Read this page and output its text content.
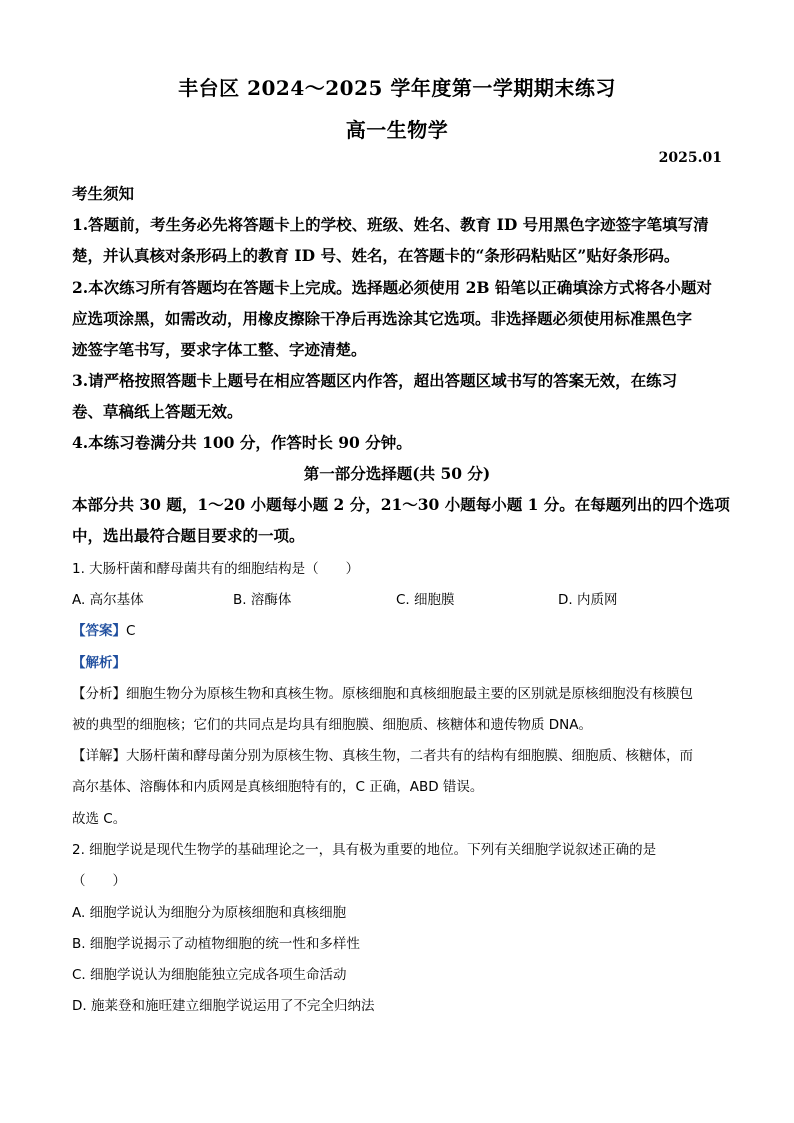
丰台区 2024～2025 学年度第一学期期末练习
高一生物学
2025.01
考生须知
1.答题前，考生务必先将答题卡上的学校、班级、姓名、教育 ID 号用黑色字迹签字笔填写清
楚，并认真核对条形码上的教育 ID 号、姓名，在答题卡的“条形码粘贴区”贴好条形码。
2.本次练习所有答题均在答题卡上完成。选择题必须使用 2B 铅笔以正确填涂方式将各小题对
应选项涂黑，如需改动，用橡皮擦除干净后再选涂其它选项。非选择题必须使用标准黑色字
迹签字笔书写，要求字体工整、字迹清楚。
3.请严格按照答题卡上题号在相应答题区内作答，超出答题区域书写的答案无效，在练习
卷、草稿纸上答题无效。
4.本练习卷满分共 100 分，作答时长 90 分钟。
第一部分选择题(共 50 分)
本部分共 30 题，1～20 小题每小题 2 分，21～30 小题每小题 1 分。在每题列出的四个选项
中，选出最符合题目要求的一项。
1. 大肠杆菌和酵母菌共有的细胞结构是（　　）
A. 高尔基体	B. 溶酶体	C. 细胞膜	D. 内质网
【答案】C
【解析】
【分析】细胞生物分为原核生物和真核生物。原核细胞和真核细胞最主要的区别就是原核细胞没有核膜包
被的典型的细胞核；它们的共同点是均具有细胞膜、细胞质、核糖体和遗传物质 DNA。
【详解】大肠杆菌和酵母菌分别为原核生物、真核生物，二者共有的结构有细胞膜、细胞质、核糖体，而
高尔基体、溶酶体和内质网是真核细胞特有的，C 正确，ABD 错误。
故选 C。
2. 细胞学说是现代生物学的基础理论之一，具有极为重要的地位。下列有关细胞学说叙述正确的是
（　　）
A. 细胞学说认为细胞分为原核细胞和真核细胞
B. 细胞学说揭示了动植物细胞的统一性和多样性
C. 细胞学说认为细胞能独立完成各项生命活动
D. 施莱登和施旺建立细胞学说运用了不完全归纳法
